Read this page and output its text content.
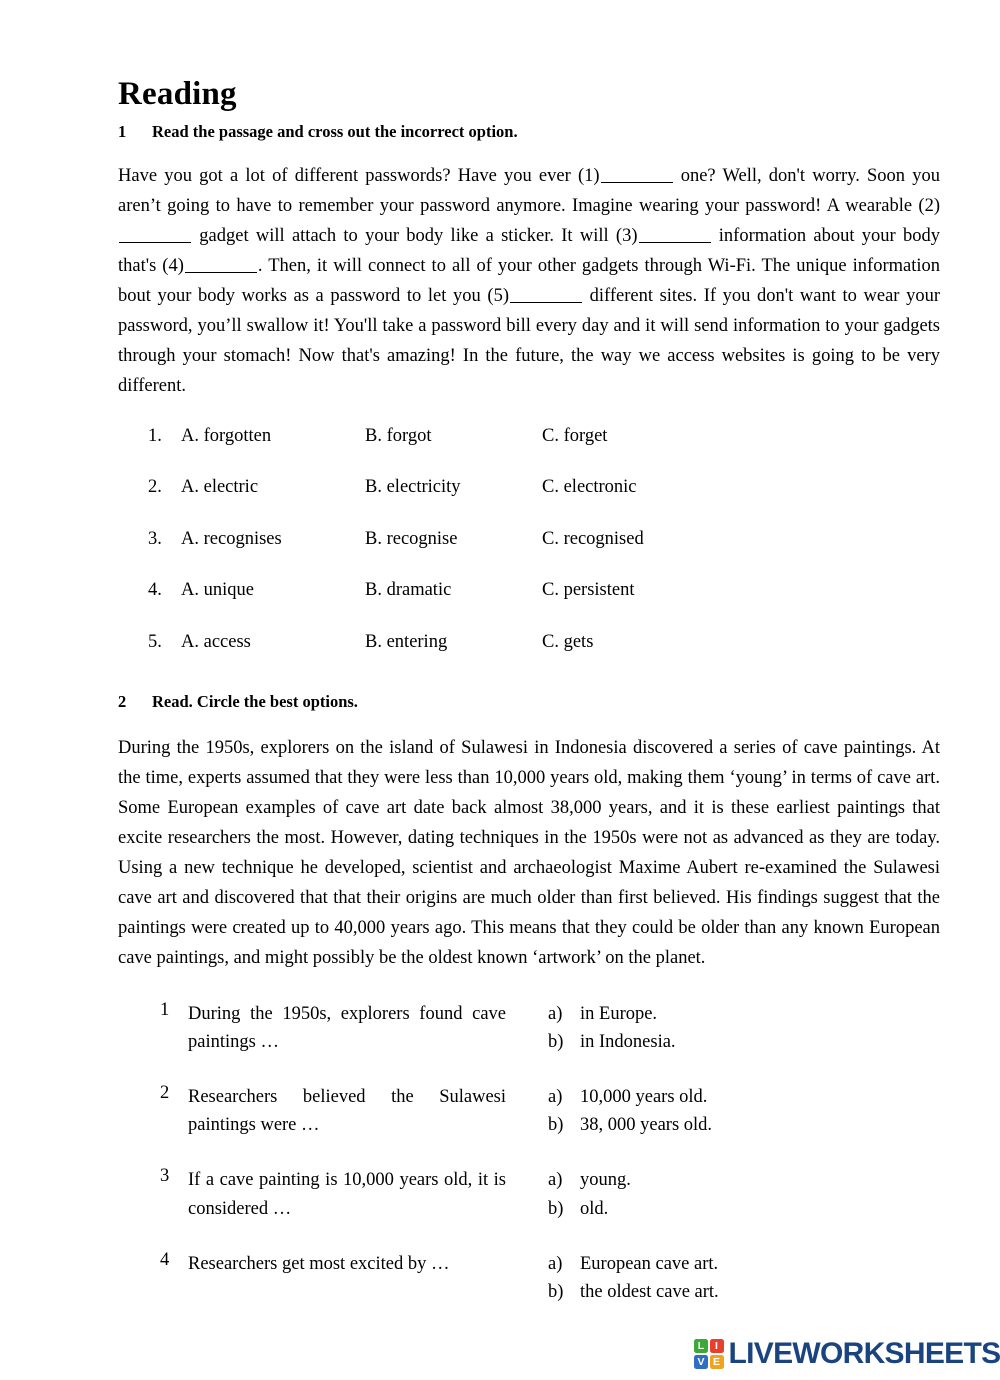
Reading
1	Read the passage and cross out the incorrect option.

Have you got a lot of different passwords? Have you ever (1)	one? Well, don't worry. Soon you aren’t going to have to remember your password anymore. Imagine wearing your password! A wearable (2) gadget will attach to your body like a sticker. It will (3)	information about your body that's (4)	. Then, it will connect to all of your other gadgets through Wi-Fi. The unique information bout your body works as a password to let you (5)	different sites. If you don't want to wear your password, you’ll swallow it! You'll take a password bill every day and it will send information to your gadgets through your stomach! Now that's amazing! In the future, the way we access websites is going to be very different.

1.	A. forgotten	B. forgot	C. forget
2.	A. electric	B. electricity	C. electronic
3.	A. recognises	B. recognise	C. recognised
4.	A. unique	B. dramatic	C. persistent
5.	A. access	B. entering	C. gets
2	Read. Circle the best options.

During the 1950s, explorers on the island of Sulawesi in Indonesia discovered a series of cave paintings. At the time, experts assumed that they were less than 10,000 years old, making them ‘young’ in terms of cave art. Some European examples of cave art date back almost 38,000 years, and it is these earliest paintings that excite researchers the most. However, dating techniques in the 1950s were not as advanced as they are today. Using a new technique he developed, scientist and archaeologist Maxime Aubert re-examined the Sulawesi cave art and discovered that that their origins are much older than first believed. His findings suggest that the paintings were created up to 40,000 years ago. This means that they could be older than any known European cave paintings, and might possibly be the oldest known ‘artwork’ on the planet.

1	During the 1950s, explorers found cave paintings …
a) in Europe.
b) in Indonesia.
2	Researchers believed the Sulawesi paintings were …
a) 10,000 years old.
b) 38, 000 years old.
3	If a cave painting is 10,000 years old, it is considered …
a) young.
b) old.
4	Researchers get most excited by …	a) European cave art.
b) the oldest cave art.
L	I
V E LIVEWORKSHEETS
